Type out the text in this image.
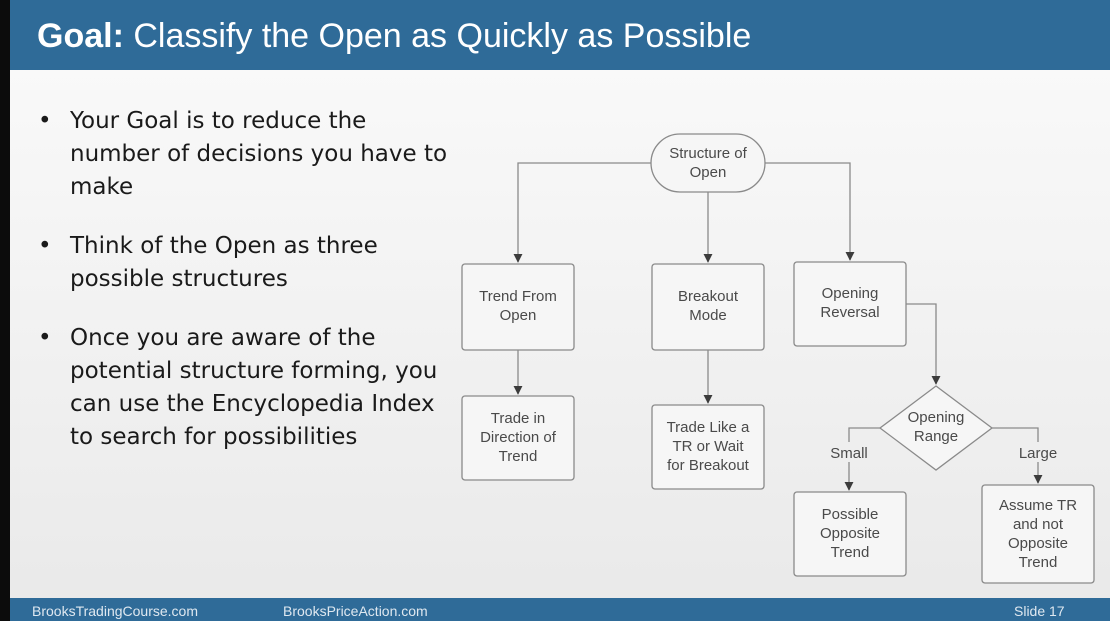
Goal: Classify the Open as Quickly as Possible
• Your Goal is to reduce the number of decisions you have to make
• Think of the Open as three possible structures
• Once you are aware of the potential structure forming, you can use the Encyclopedia Index to search for possibilities
Structure of
Open
Trend From
Open
Breakout
Mode
Opening
Reversal
Trade in
Direction of
Trend
Trade Like a
TR or Wait
for Breakout
Opening
Range
Small	Large
Possible
Opposite
Trend
Assume TR
and not
Opposite
Trend
BrooksTradingCourse.com	BrooksPriceAction.com	Slide 17
